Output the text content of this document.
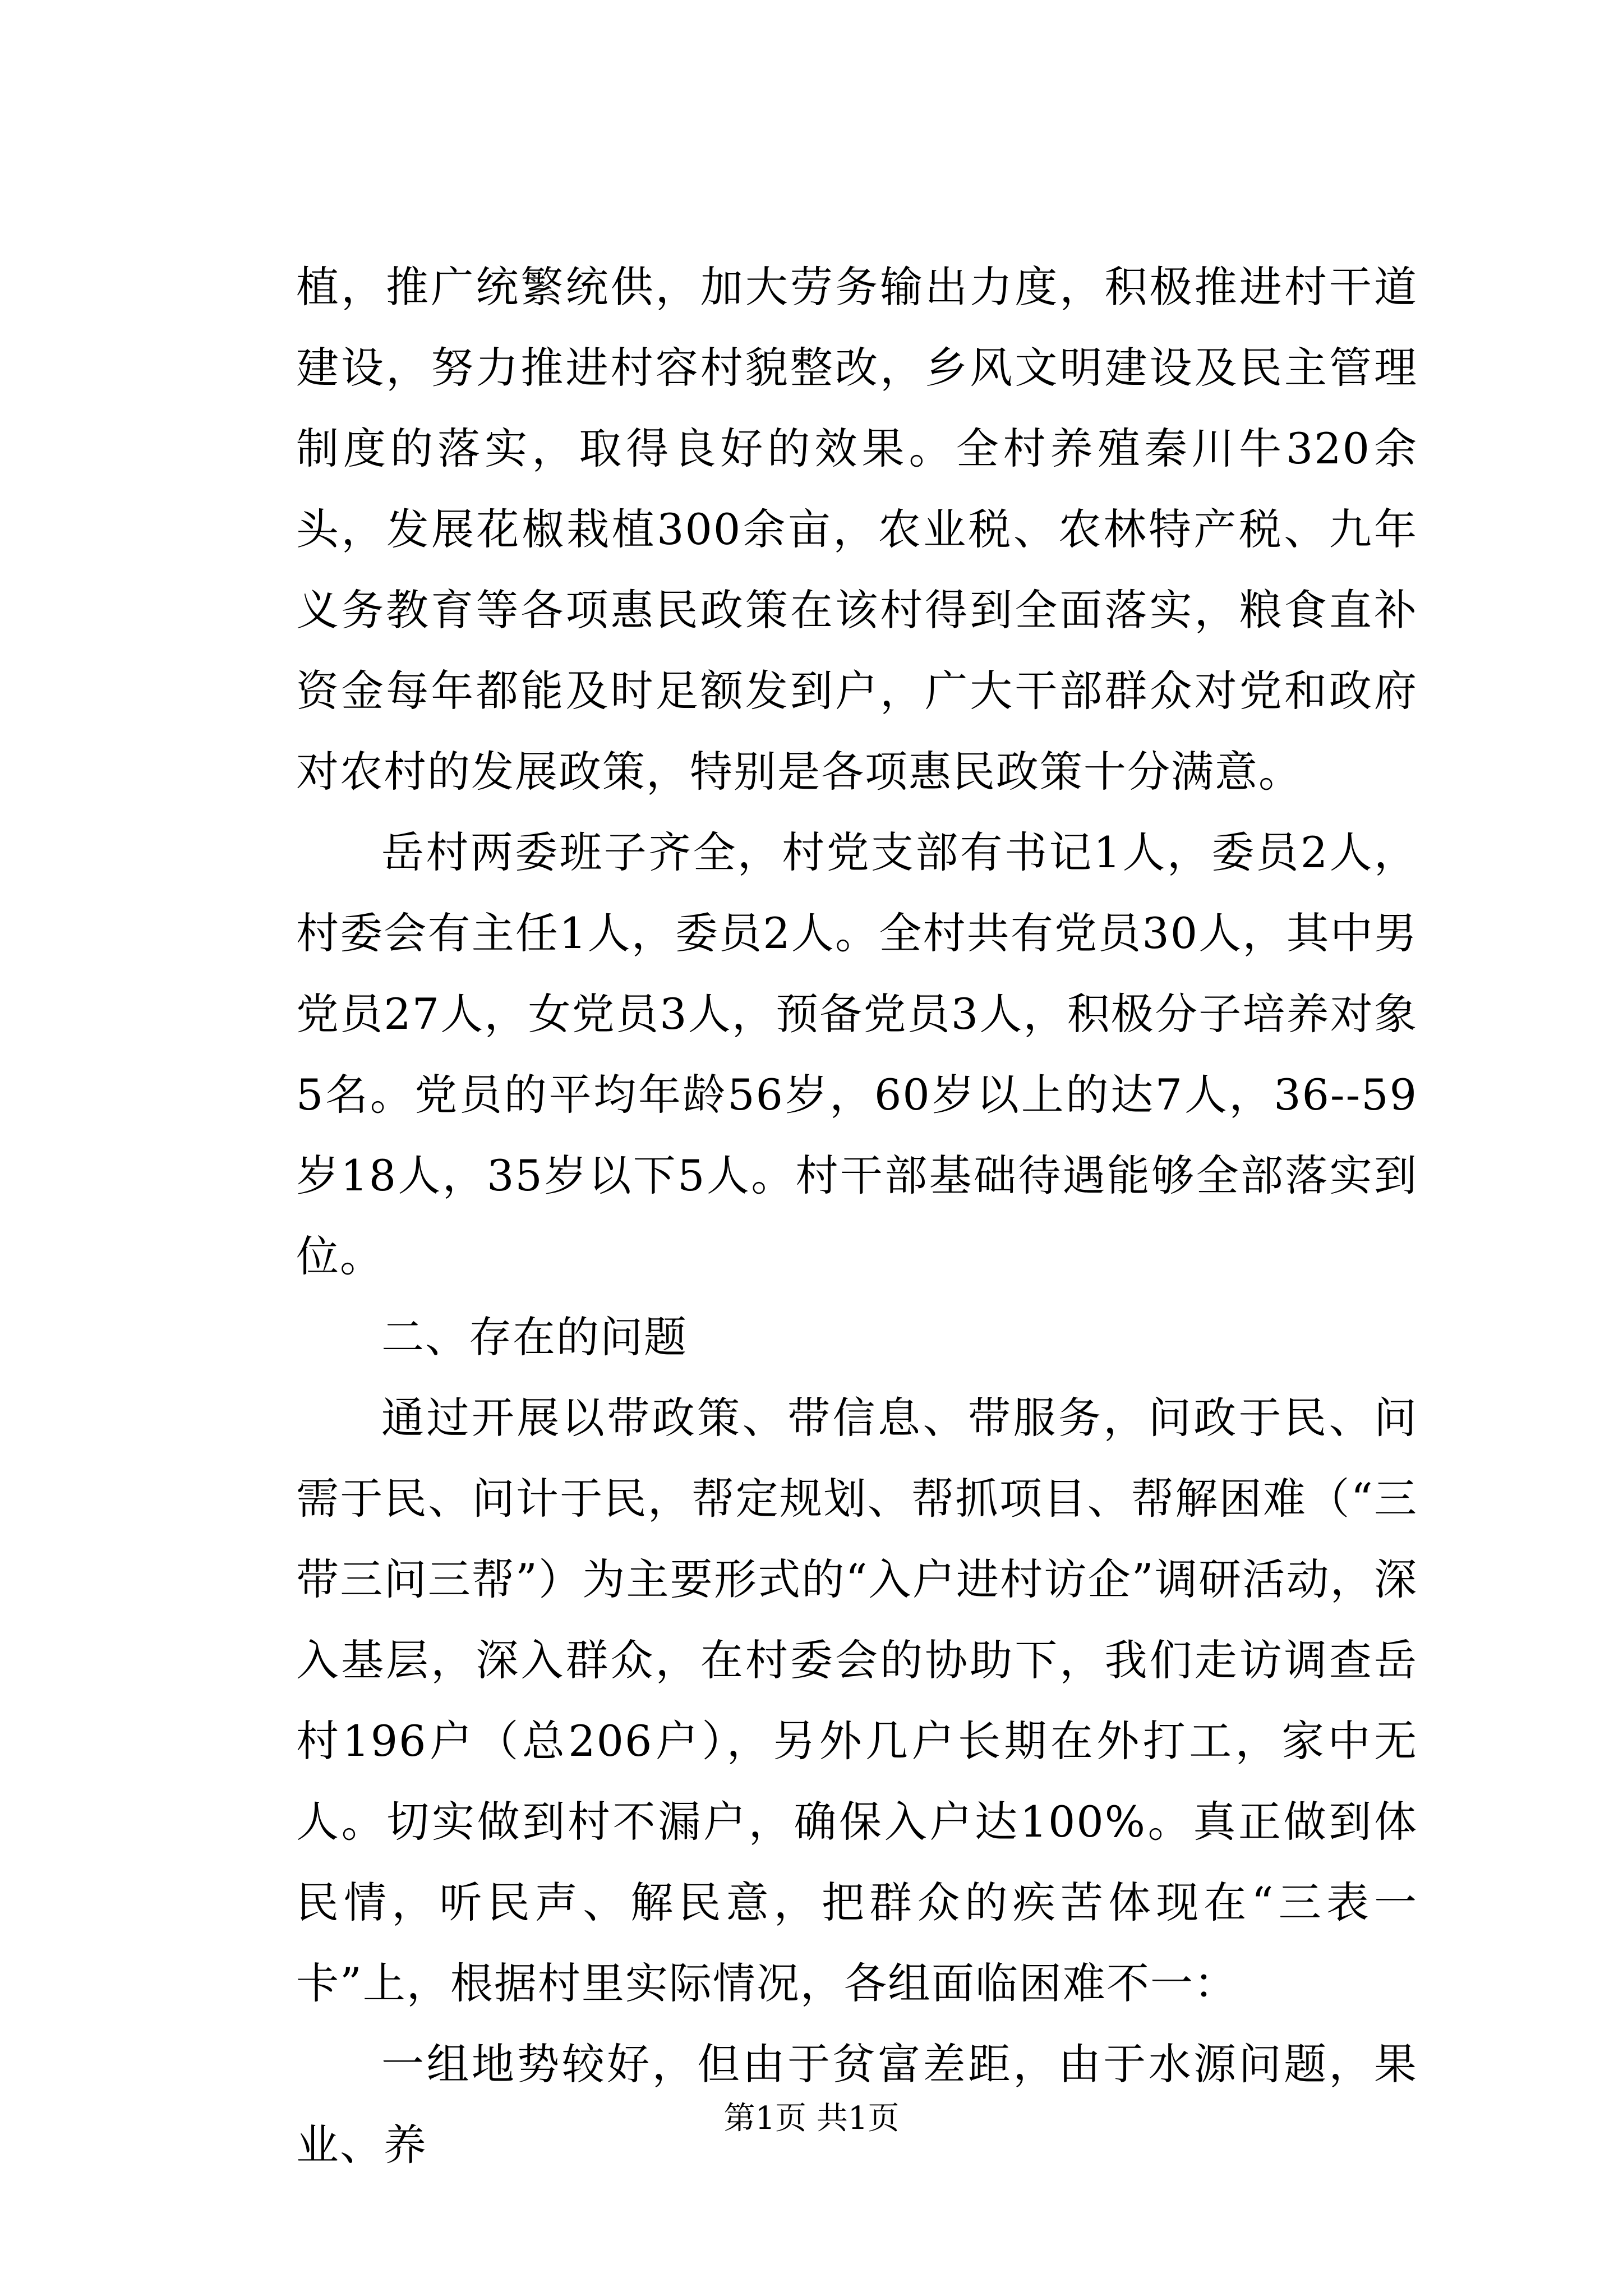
植，推广统繁统供，加大劳务输出力度，积极推进村干道建设，努力推进村容村貌整改，乡风文明建设及民主管理制度的落实，取得良好的效果。全村养殖秦川牛320余头，发展花椒栽植300余亩，农业税、农林特产税、九年义务教育等各项惠民政策在该村得到全面落实，粮食直补资金每年都能及时足额发到户，广大干部群众对党和政府对农村的发展政策，特别是各项惠民政策十分满意。

岳村两委班子齐全，村党支部有书记1人，委员2人，村委会有主任1人，委员2人。全村共有党员30人，其中男党员27人，女党员3人，预备党员3人，积极分子培养对象5名。党员的平均年龄56岁，60岁以上的达7人，36--59岁18人，35岁以下5人。村干部基础待遇能够全部落实到位。

二、存在的问题

通过开展以带政策、带信息、带服务，问政于民、问需于民、问计于民，帮定规划、帮抓项目、帮解困难（“三带三问三帮”）为主要形式的“入户进村访企”调研活动，深入基层，深入群众，在村委会的协助下，我们走访调查岳村196户（总206户），另外几户长期在外打工，家中无人。切实做到村不漏户，确保入户达100%。真正做到体民情，听民声、解民意，把群众的疾苦体现在“三表一卡”上，根据村里实际情况，各组面临困难不一：

一组地势较好，但由于贫富差距，由于水源问题，果业、养

第1页 共1页
